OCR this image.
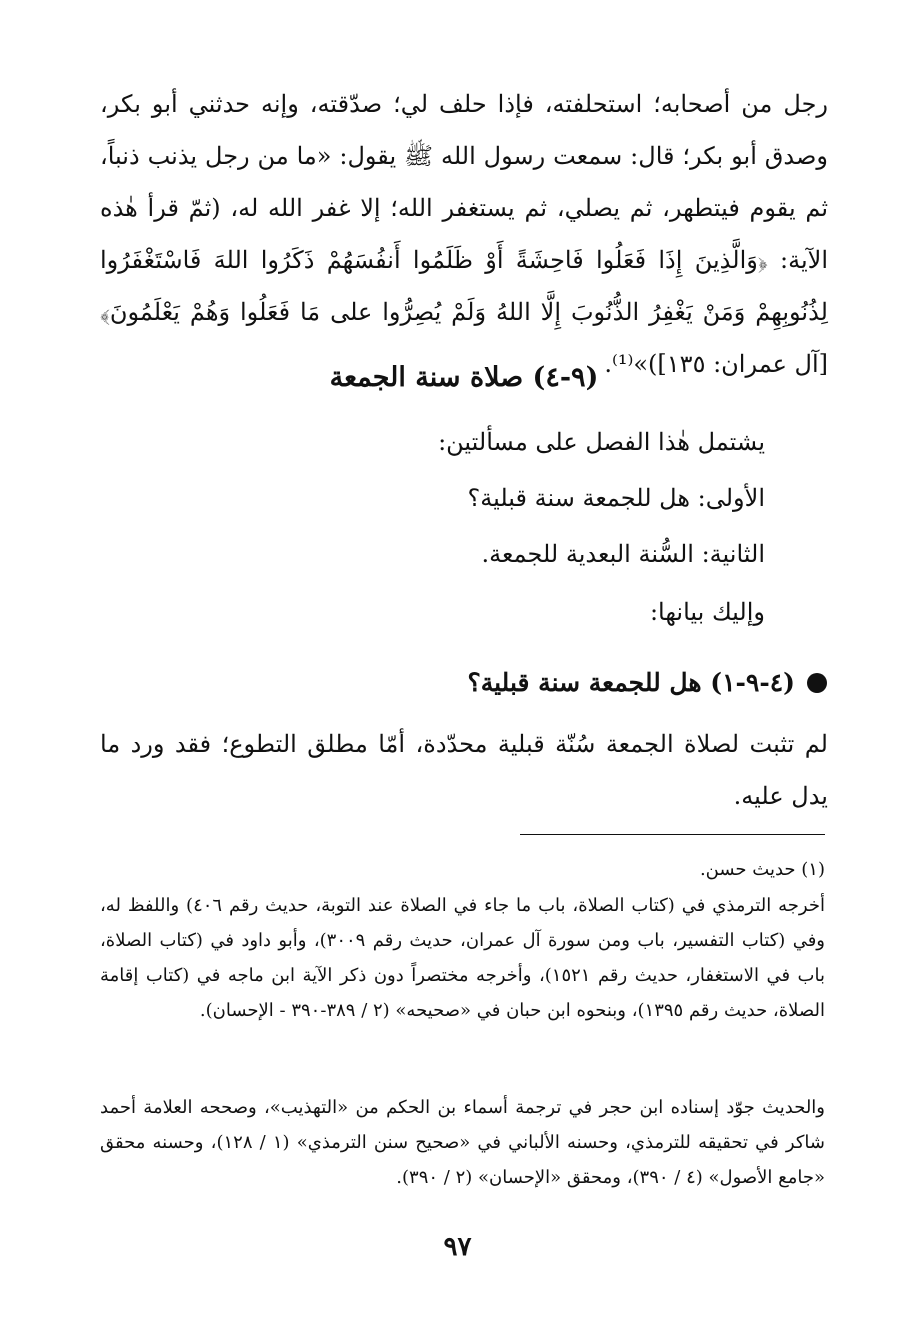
رجل من أصحابه؛ استحلفته، فإذا حلف لي؛ صدّقته، وإنه حدثني أبو بكر، وصدق أبو بكر؛ قال: سمعت رسول الله ﷺ يقول: «ما من رجل يذنب ذنباً، ثم يقوم فيتطهر، ثم يصلي، ثم يستغفر الله؛ إلا غفر الله له، (ثمّ قرأ هٰذه الآية: ﴿وَالَّذِينَ إِذَا فَعَلُوا فَاحِشَةً أَوْ ظَلَمُوا أَنفُسَهُمْ ذَكَرُوا اللهَ فَاسْتَغْفَرُوا لِذُنُوبِهِمْ وَمَنْ يَغْفِرُ الذُّنُوبَ إِلَّا اللهُ وَلَمْ يُصِرُّوا على مَا فَعَلُوا وَهُمْ يَعْلَمُونَ﴾ [آل عمران: ١٣٥])»⁽¹⁾.

(٩-٤) صلاة سنة الجمعة
يشتمل هٰذا الفصل على مسألتين:
الأولى: هل للجمعة سنة قبلية؟
الثانية: السُّنة البعدية للجمعة.
وإليك بيانها:
(٤-٩-١) هل للجمعة سنة قبلية؟

لم تثبت لصلاة الجمعة سُنّة قبلية محدّدة، أمّا مطلق التطوع؛ فقد ورد ما يدل عليه.

(١) حديث حسن.

أخرجه الترمذي في (كتاب الصلاة، باب ما جاء في الصلاة عند التوبة، حديث رقم ٤٠٦) واللفظ له، وفي (كتاب التفسير، باب ومن سورة آل عمران، حديث رقم ٣٠٠٩)، وأبو داود في (كتاب الصلاة، باب في الاستغفار، حديث رقم ١٥٢١)، وأخرجه مختصراً دون ذكر الآية ابن ماجه في (كتاب إقامة الصلاة، حديث رقم ١٣٩٥)، وبنحوه ابن حبان في «صحيحه» (٢ / ٣٨٩-٣٩٠ - الإحسان).

والحديث جوّد إسناده ابن حجر في ترجمة أسماء بن الحكم من «التهذيب»، وصححه العلامة أحمد شاكر في تحقيقه للترمذي، وحسنه الألباني في «صحيح سنن الترمذي» (١ / ١٢٨)، وحسنه محقق «جامع الأصول» (٤ / ٣٩٠)، ومحقق «الإحسان» (٢ / ٣٩٠).

٩٧
